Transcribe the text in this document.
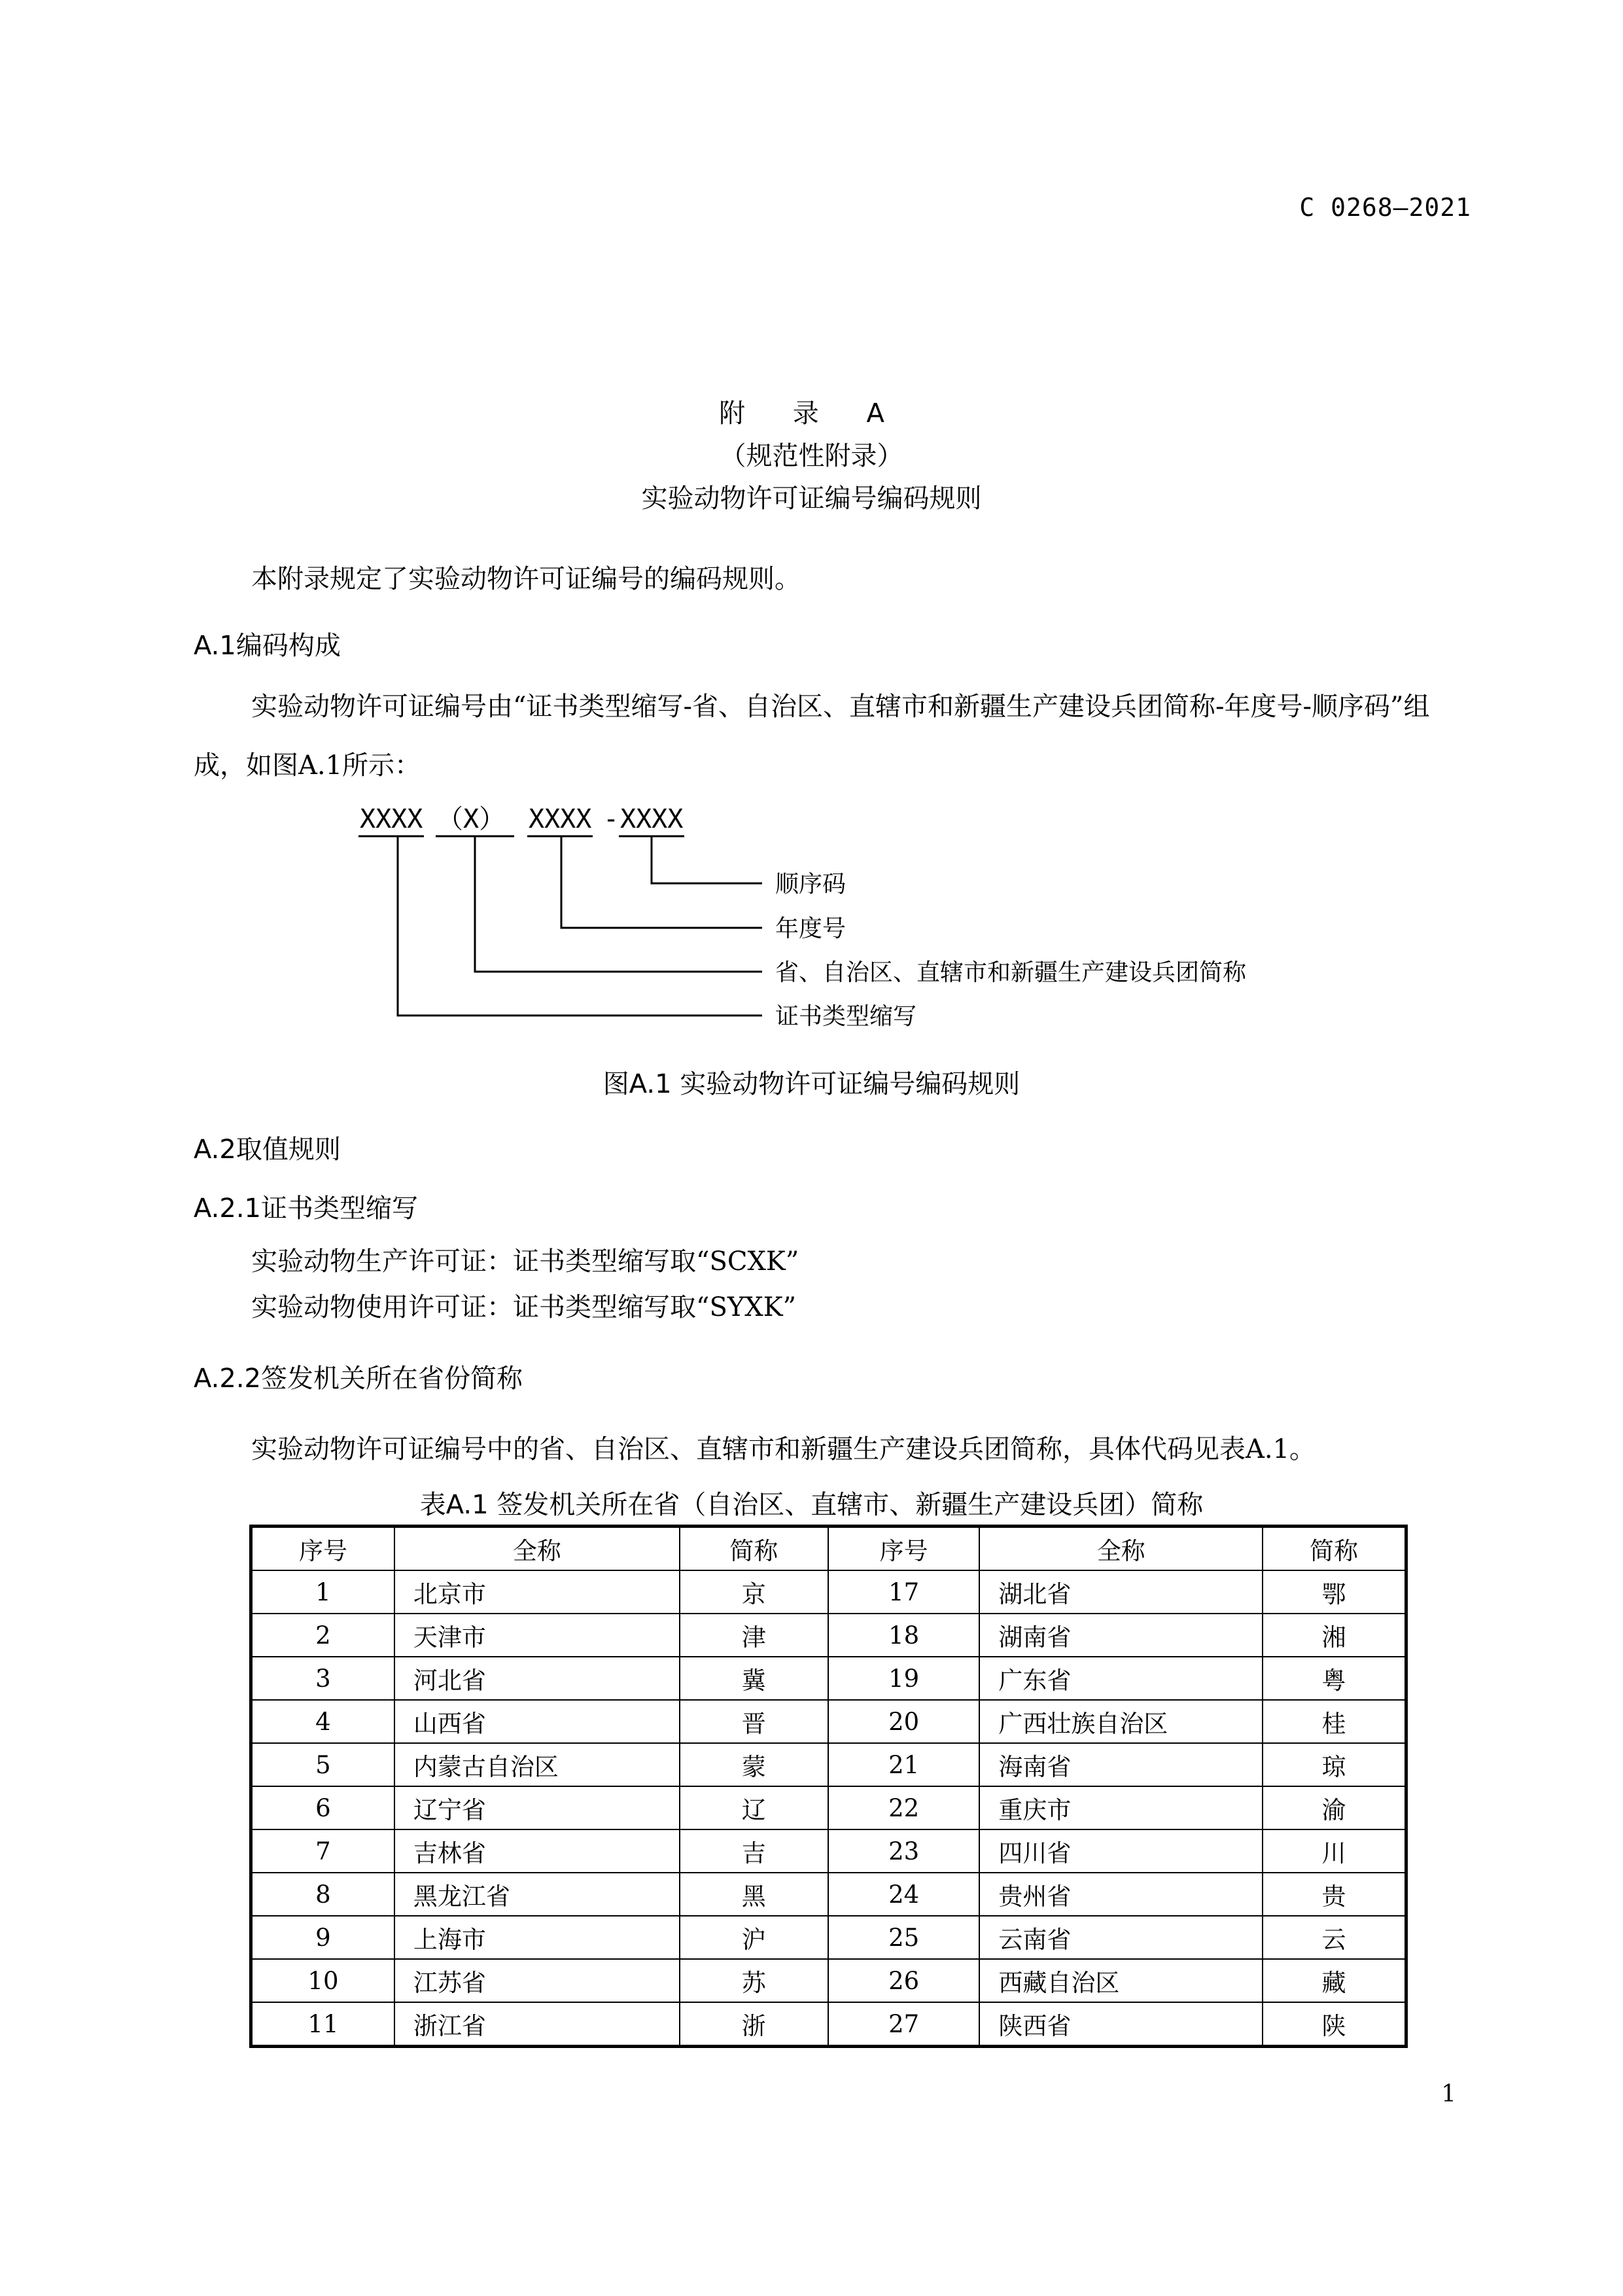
C 0268—2021
附 录 A
（规范性附录）
实验动物许可证编号编码规则
本附录规定了实验动物许可证编号的编码规则。
A.1编码构成
实验动物许可证编号由“证书类型缩写-省、自治区、直辖市和新疆生产建设兵团简称-年度号-顺序码”组成，如图A.1所示：
XXXX （X） XXXX - XXXX
顺序码
年度号
省、自治区、直辖市和新疆生产建设兵团简称
证书类型缩写
图A.1 实验动物许可证编号编码规则
A.2取值规则
A.2.1证书类型缩写
实验动物生产许可证：证书类型缩写取“SCXK”
实验动物使用许可证：证书类型缩写取“SYXK”
A.2.2签发机关所在省份简称
实验动物许可证编号中的省、自治区、直辖市和新疆生产建设兵团简称，具体代码见表A.1。
表A.1 签发机关所在省（自治区、直辖市、新疆生产建设兵团）简称
序号	全称	简称	序号	全称	简称
1	北京市	京	17	湖北省	鄂
2	天津市	津	18	湖南省	湘
3	河北省	冀	19	广东省	粤
4	山西省	晋	20	广西壮族自治区	桂
5	内蒙古自治区	蒙	21	海南省	琼
6	辽宁省	辽	22	重庆市	渝
7	吉林省	吉	23	四川省	川
8	黑龙江省	黑	24	贵州省	贵
9	上海市	沪	25	云南省	云
10	江苏省	苏	26	西藏自治区	藏
11	浙江省	浙	27	陕西省	陕
1
